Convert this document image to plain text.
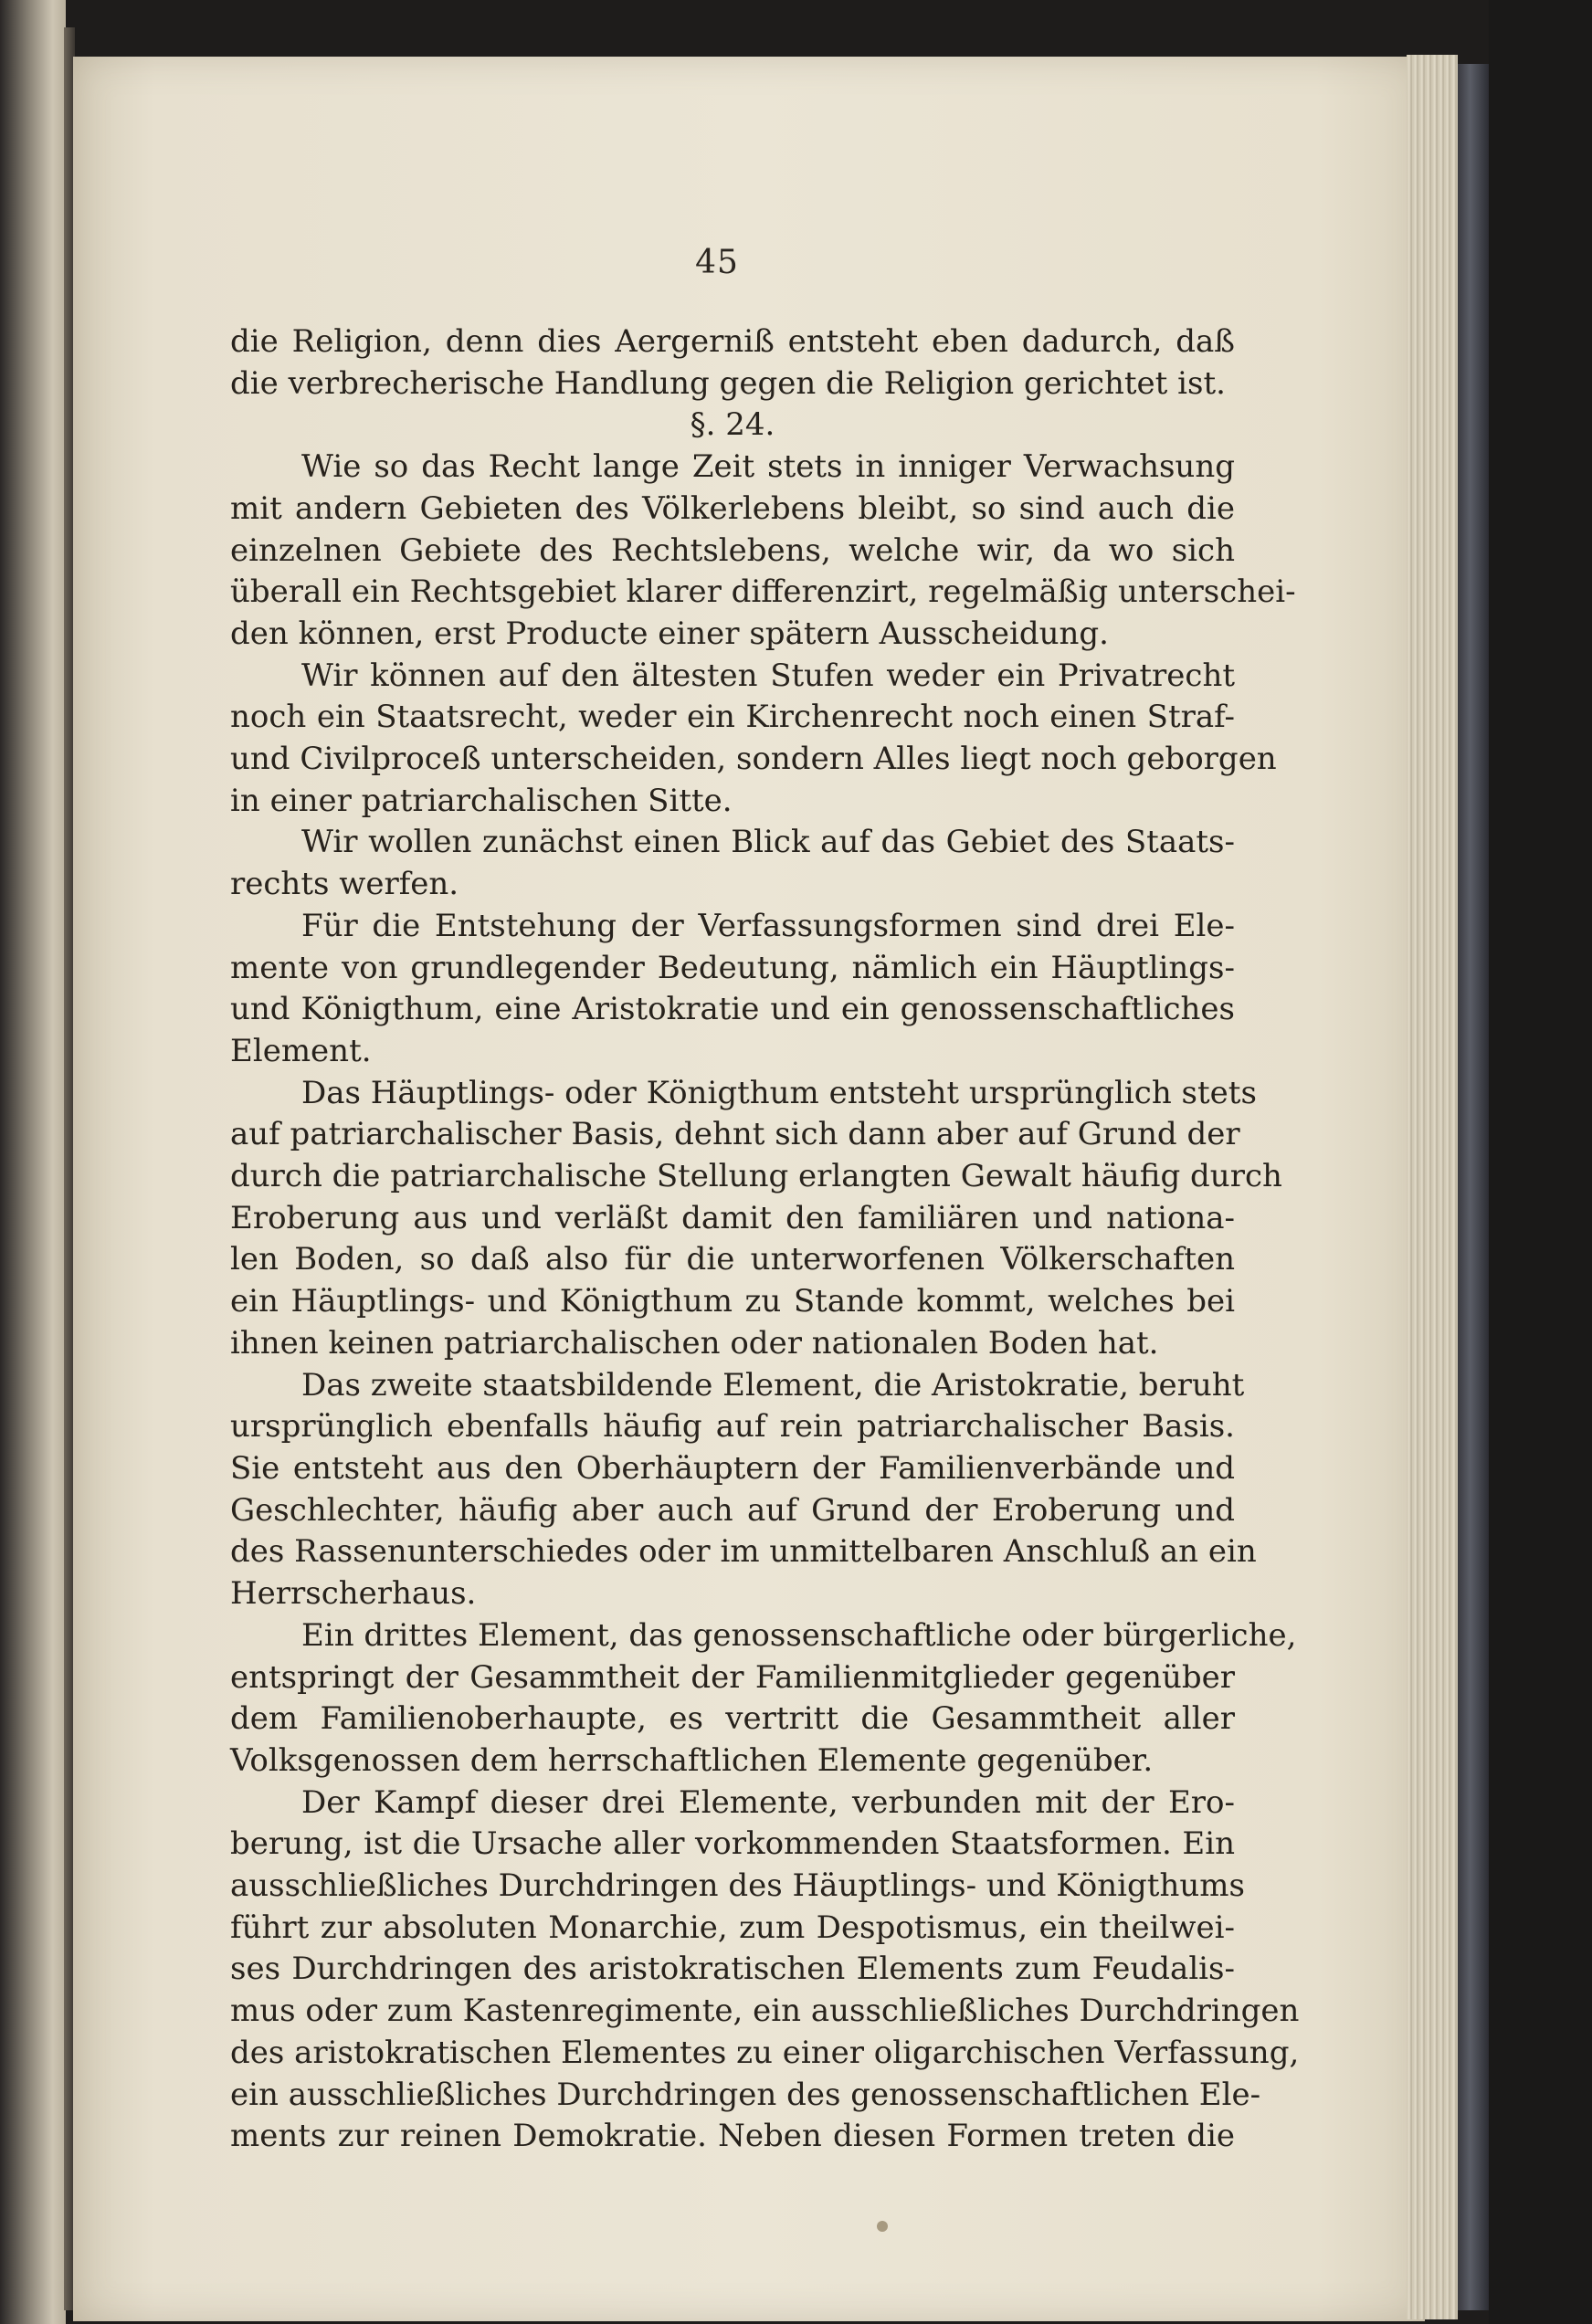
45
die Religion, denn dies Aergerniß entsteht eben dadurch, daß
die verbrecherische Handlung gegen die Religion gerichtet ist.
§. 24.
Wie so das Recht lange Zeit stets in inniger Verwachsung
mit andern Gebieten des Völkerlebens bleibt, so sind auch die
einzelnen Gebiete des Rechtslebens, welche wir, da wo sich
überall ein Rechtsgebiet klarer differenzirt, regelmäßig unterschei-
den können, erst Producte einer spätern Ausscheidung.
Wir können auf den ältesten Stufen weder ein Privatrecht
noch ein Staatsrecht, weder ein Kirchenrecht noch einen Straf-
und Civilproceß unterscheiden, sondern Alles liegt noch geborgen
in einer patriarchalischen Sitte.
Wir wollen zunächst einen Blick auf das Gebiet des Staats-
rechts werfen.
Für die Entstehung der Verfassungsformen sind drei Ele-
mente von grundlegender Bedeutung, nämlich ein Häuptlings-
und Königthum, eine Aristokratie und ein genossenschaftliches
Element.
Das Häuptlings- oder Königthum entsteht ursprünglich stets
auf patriarchalischer Basis, dehnt sich dann aber auf Grund der
durch die patriarchalische Stellung erlangten Gewalt häufig durch
Eroberung aus und verläßt damit den familiären und nationa-
len Boden, so daß also für die unterworfenen Völkerschaften
ein Häuptlings- und Königthum zu Stande kommt, welches bei
ihnen keinen patriarchalischen oder nationalen Boden hat.
Das zweite staatsbildende Element, die Aristokratie, beruht
ursprünglich ebenfalls häufig auf rein patriarchalischer Basis.
Sie entsteht aus den Oberhäuptern der Familienverbände und
Geschlechter, häufig aber auch auf Grund der Eroberung und
des Rassenunterschiedes oder im unmittelbaren Anschluß an ein
Herrscherhaus.
Ein drittes Element, das genossenschaftliche oder bürgerliche,
entspringt der Gesammtheit der Familienmitglieder gegenüber
dem Familienoberhaupte, es vertritt die Gesammtheit aller
Volksgenossen dem herrschaftlichen Elemente gegenüber.
Der Kampf dieser drei Elemente, verbunden mit der Ero-
berung, ist die Ursache aller vorkommenden Staatsformen. Ein
ausschließliches Durchdringen des Häuptlings- und Königthums
führt zur absoluten Monarchie, zum Despotismus, ein theilwei-
ses Durchdringen des aristokratischen Elements zum Feudalis-
mus oder zum Kastenregimente, ein ausschließliches Durchdringen
des aristokratischen Elementes zu einer oligarchischen Verfassung,
ein ausschließliches Durchdringen des genossenschaftlichen Ele-
ments zur reinen Demokratie. Neben diesen Formen treten die
